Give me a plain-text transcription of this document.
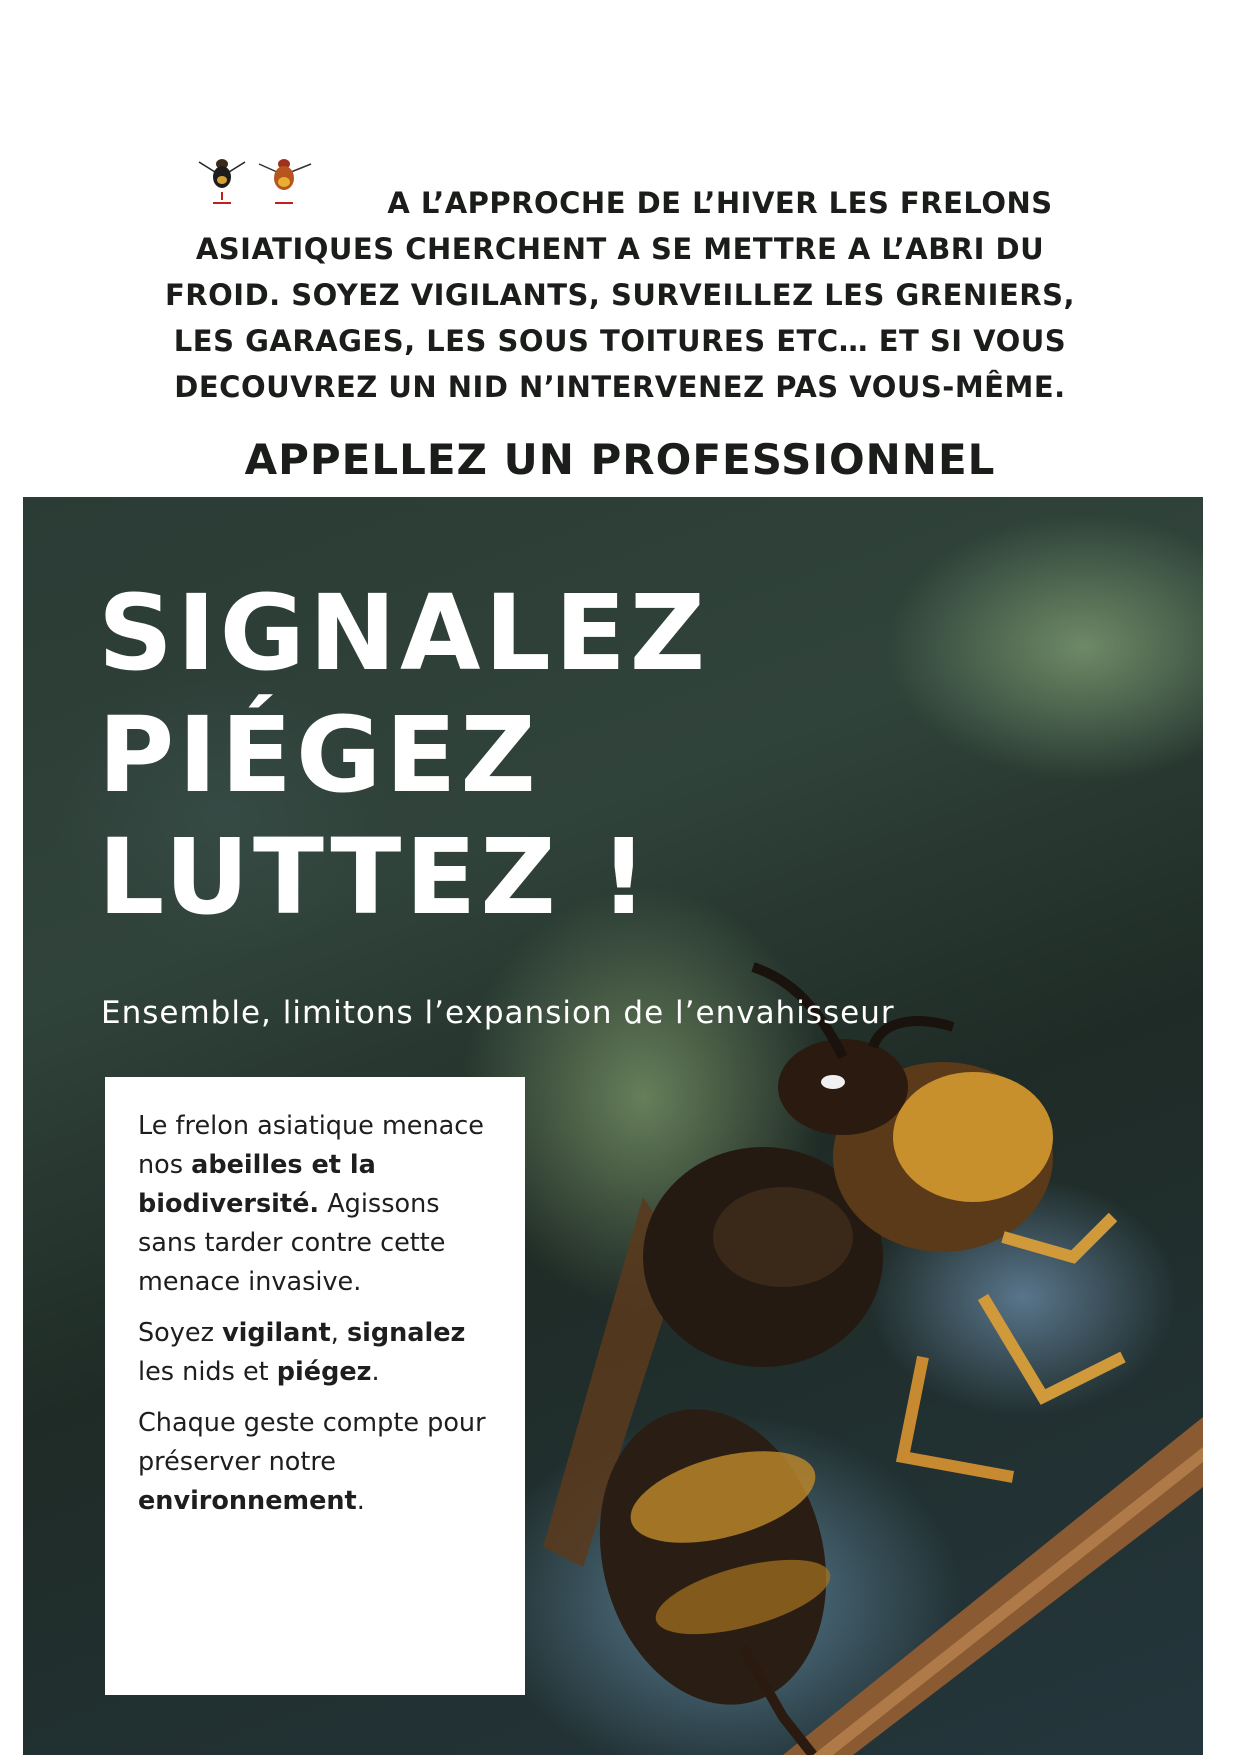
A L’APPROCHE DE L’HIVER LES FRELONS
ASIATIQUES CHERCHENT A SE METTRE A L’ABRI DU
FROID. SOYEZ VIGILANTS, SURVEILLEZ LES GRENIERS,
LES GARAGES, LES SOUS TOITURES ETC… ET SI VOUS
DECOUVREZ UN NID N’INTERVENEZ PAS VOUS-MÊME.
APPELLEZ UN PROFESSIONNEL
SIGNALEZ
PIÉGEZ
LUTTEZ !
Ensemble, limitons l’expansion de l’envahisseur

Le frelon asiatique menace nos abeilles et la biodiversité. Agissons sans tarder contre cette menace invasive.

Soyez vigilant, signalez les nids et piégez.

Chaque geste compte pour préserver notre environnement.
